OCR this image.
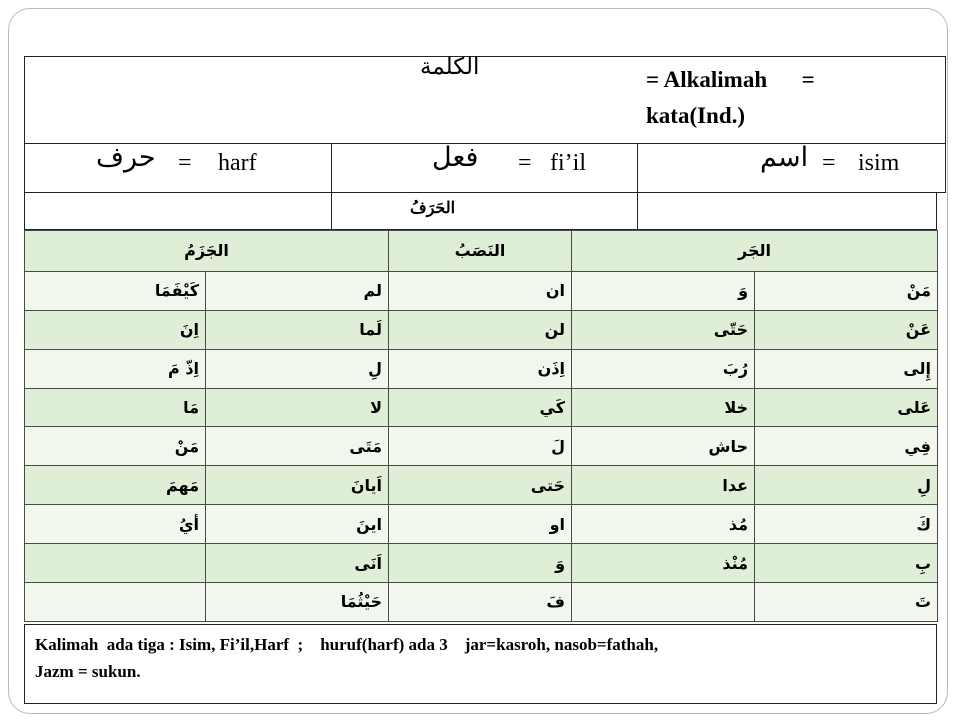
الكلمة	= Alkalimah      =
kata(Ind.)
حرف = harf	فعل = fi’il	اسم = isim
الحَرَفُ
الجَر		النَصَبُ	الجَزَمُ	
مَنْ	وَ	ان	لم	كَيْفَمَا
عَنْ	حَتّى	لن	لَما	اِنَ
إِلى	رُبَ	اِذَن	لِ	اِذّ مَ
عَلى	خلا	كَي	لا	مَا
فِي	حاش	لَ	مَتَى	مَنْ
لِ	عدا	حَتى	اَيانَ	مَهمَ
كَ	مُذ	او	اينَ	أيُ
بِ	مُنْذ	وَ	اَنَى	
تَ		فَ	حَيْثُمَا	
Kalimah  ada tiga : Isim, Fi’il,Harf  ;    huruf(harf) ada 3    jar=kasroh, nasob=fathah,
Jazm = sukun.
